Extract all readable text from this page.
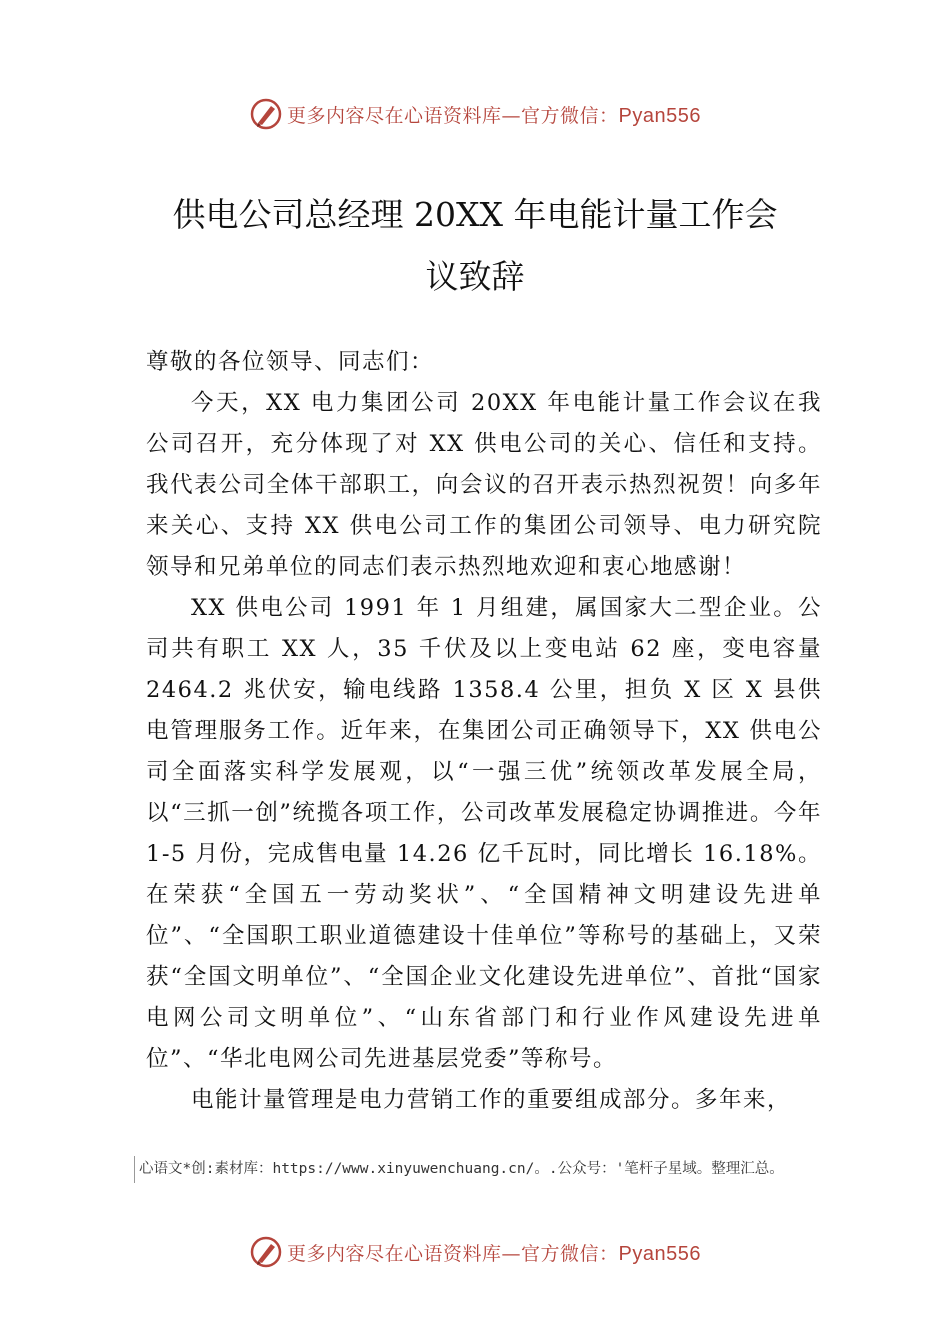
更多内容尽在心语资料库—官方微信：Pyan556
供电公司总经理 20XX 年电能计量工作会
议致辞

尊敬的各位领导、同志们：

今天，XX 电力集团公司 20XX 年电能计量工作会议在我公司召开，充分体现了对 XX 供电公司的关心、信任和支持。我代表公司全体干部职工，向会议的召开表示热烈祝贺！向多年来关心、支持 XX 供电公司工作的集团公司领导、电力研究院领导和兄弟单位的同志们表示热烈地欢迎和衷心地感谢！

XX 供电公司 1991 年 1 月组建，属国家大二型企业。公司共有职工 XX 人，35 千伏及以上变电站 62 座，变电容量2464.2 兆伏安，输电线路 1358.4 公里，担负 X 区 X 县供电管理服务工作。近年来，在集团公司正确领导下，XX 供电公司全面落实科学发展观，以“一强三优”统领改革发展全局，以“三抓一创”统揽各项工作，公司改革发展稳定协调推进。今年 1-5 月份，完成售电量 14.26 亿千瓦时，同比增长 16.18%。在荣获“全国五一劳动奖状”、“全国精神文明建设先进单位”、“全国职工职业道德建设十佳单位”等称号的基础上，又荣获“全国文明单位”、“全国企业文化建设先进单位”、首批“国家电网公司文明单位”、“山东省部门和行业作风建设先进单位”、“华北电网公司先进基层党委”等称号。

电能计量管理是电力营销工作的重要组成部分。多年来，

心语文*创:素材库：https://www.xinyuwenchuang.cn/。.公众号：'笔杆子星域。整理汇总。
更多内容尽在心语资料库—官方微信：Pyan556
